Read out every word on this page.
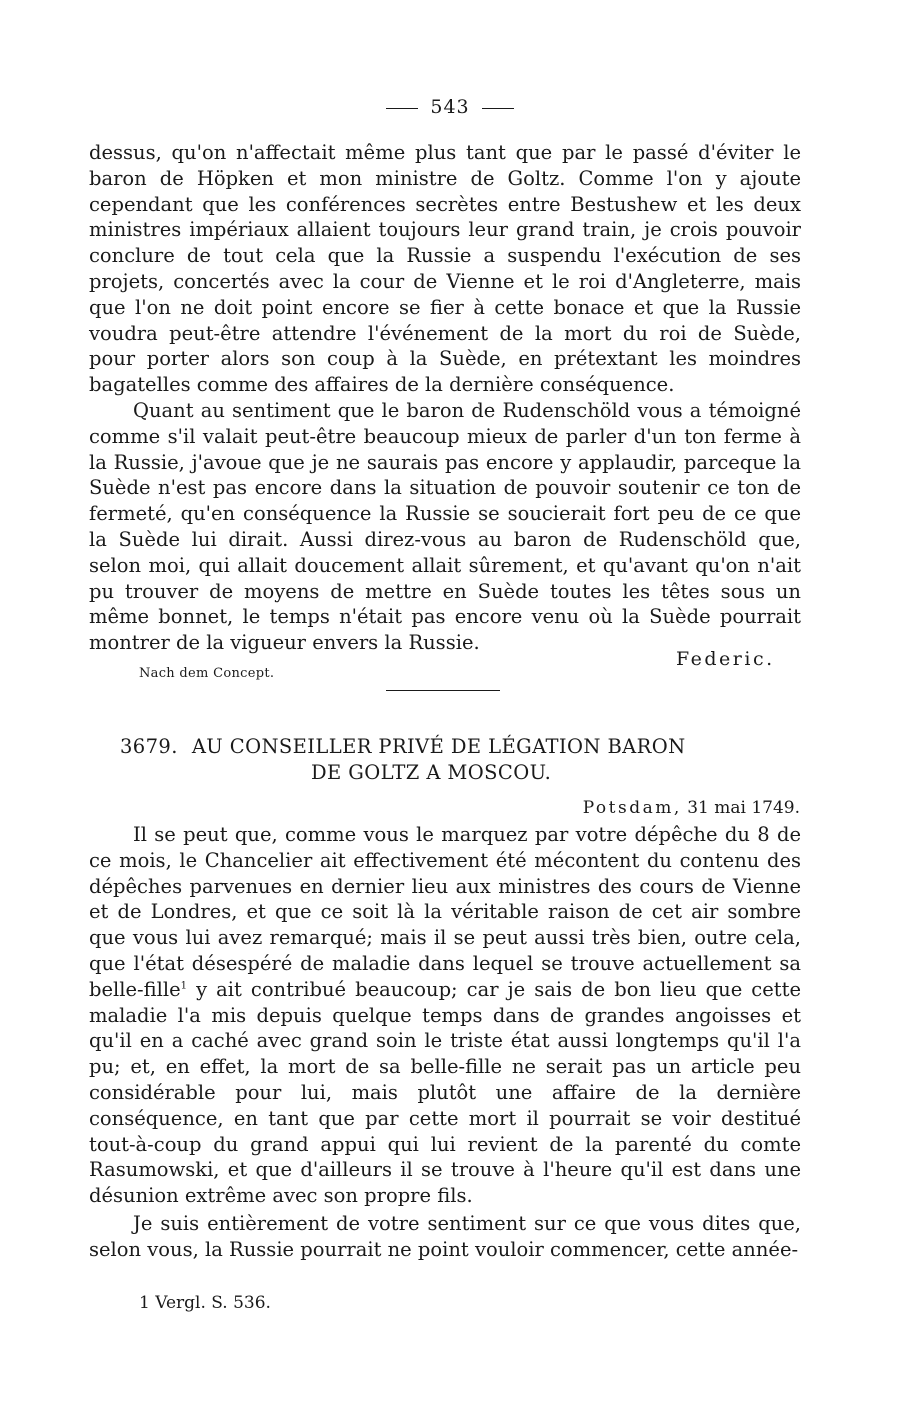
543

dessus, qu'on n'affectait même plus tant que par le passé d'éviter le baron de Höpken et mon ministre de Goltz. Comme l'on y ajoute cependant que les conférences secrètes entre Bestushew et les deux ministres impériaux allaient toujours leur grand train, je crois pouvoir conclure de tout cela que la Russie a suspendu l'exécution de ses projets, concertés avec la cour de Vienne et le roi d'Angleterre, mais que l'on ne doit point encore se fier à cette bonace et que la Russie voudra peut-être attendre l'événement de la mort du roi de Suède, pour porter alors son coup à la Suède, en prétextant les moindres bagatelles comme des affaires de la dernière conséquence.

Quant au sentiment que le baron de Rudenschöld vous a témoigné comme s'il valait peut-être beaucoup mieux de parler d'un ton ferme à la Russie, j'avoue que je ne saurais pas encore y applaudir, parceque la Suède n'est pas encore dans la situation de pouvoir soutenir ce ton de fermeté, qu'en conséquence la Russie se soucierait fort peu de ce que la Suède lui dirait. Aussi direz-vous au baron de Rudenschöld que, selon moi, qui allait doucement allait sûrement, et qu'avant qu'on n'ait pu trouver de moyens de mettre en Suède toutes les têtes sous un même bonnet, le temps n'était pas encore venu où la Suède pourrait montrer de la vigueur envers la Russie.

Federic.
Nach dem Concept.
3679. AU CONSEILLER PRIVÉ DE LÉGATION BARON
DE GOLTZ A MOSCOU.
Potsdam, 31 mai 1749.

Il se peut que, comme vous le marquez par votre dépêche du 8 de ce mois, le Chancelier ait effectivement été mécontent du contenu des dépêches parvenues en dernier lieu aux ministres des cours de Vienne et de Londres, et que ce soit là la véritable raison de cet air sombre que vous lui avez remarqué; mais il se peut aussi très bien, outre cela, que l'état désespéré de maladie dans lequel se trouve actuellement sa belle-fille$^1$ y ait contribué beaucoup; car je sais de bon lieu que cette maladie l'a mis depuis quelque temps dans de grandes angoisses et qu'il en a caché avec grand soin le triste état aussi longtemps qu'il l'a pu; et, en effet, la mort de sa belle-fille ne serait pas un article peu considérable pour lui, mais plutôt une affaire de la dernière conséquence, en tant que par cette mort il pourrait se voir destitué tout-à-coup du grand appui qui lui revient de la parenté du comte Rasumowski, et que d'ailleurs il se trouve à l'heure qu'il est dans une désunion extrême avec son propre fils.

Je suis entièrement de votre sentiment sur ce que vous dites que, selon vous, la Russie pourrait ne point vouloir commencer, cette année-

1 Vergl. S. 536.
